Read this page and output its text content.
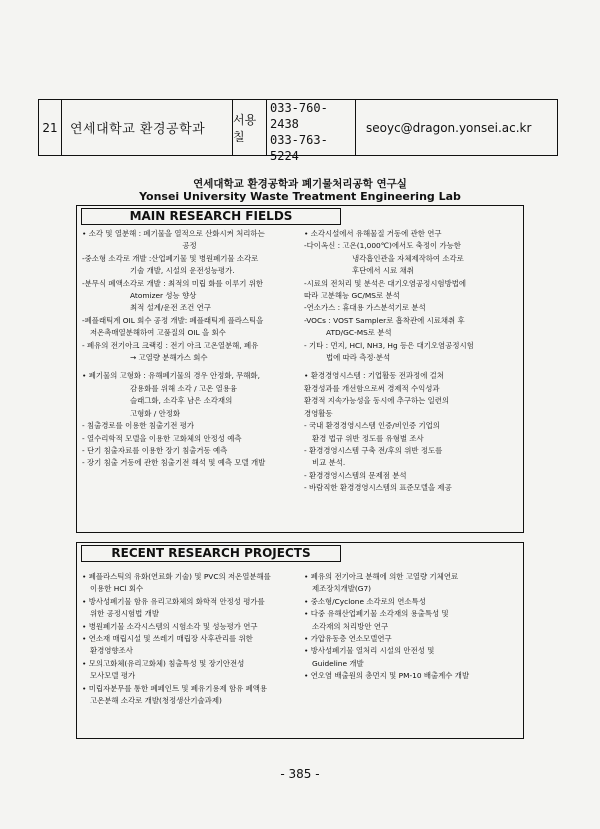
21 연세대학교 환경공학과
서용칠
033-760-2438
033-763-5224
seoyc@dragon.yonsei.ac.kr
연세대학교 환경공학과 폐기물처리공학 연구실
Yonsei University Waste Treatment Engineering Lab
MAIN RESEARCH FIELDS

• 소각 및 열분해 : 폐기물을 열적으로 산화시켜 처리하는

공정

-중소형 소각로 개발 :산업폐기물 및 병원폐기물 소각로

기술 개발, 시설의 운전성능평가.

-분무식 폐액소각로 개발 : 최적의 미립 화를 이루기 위한

Atomizer 성능 향상

최적 설계/운전 조건 연구

-폐플래틱계 OIL 회수 공정 개발: 폐플래틱계 플라스틱을

저온촉매열분해하여 고품질의 OIL 을 회수

- 폐유의 전기아크 크랙킹 : 전기 아크 고온열분해, 폐유

→ 고열량 분해가스 회수

• 폐기물의 고형화 : 유해폐기물의 경우 안정화, 무해화,

감용화를 위해 소각 / 고온 열용융

슬래그화, 소각후 남은 소각재의

고형화 / 안정화

- 침출경로를 이용한 침출기전 평가

- 열수리학적 모델을 이용한 고화체의 안정성 예측

- 단기 침출자료를 이용한 장기 침출거동 예측

- 장기 침출 거동에 관한 침출기전 해석 및 예측 모델 개발

• 소각시설에서 유해물질 거동에 관한 연구

-다이옥신 : 고온(1,000℃)에서도 축정이 가능한

냉각흡인관을 자체제작하여 소각로

후단에서 시료 채취

-시료의 전처리 및 분석은 대기오염공정시험방법에

따라 고분해능 GC/MS로 분석

-연소가스 : 휴대용 가스분석기로 분석

-VOCs : VOST Sampler로 흡착관에 시료채취 후

ATD/GC-MS로 분석

- 기타 : 먼지, HCl, NH3, Hg 등은 대기오염공정시험

법에 따라 측정·분석

• 환경경영시스템 : 기업활동 전과정에 걸쳐

환경성과를 개선함으로써 경제적 수익성과

환경적 지속가능성을 동시에 추구하는 일련의

경영활동

- 국내 환경경영시스템 인증/비인증 기업의

환경 법규 위반 정도를 유형별 조사

- 환경경영시스템 구축 전/후의 위반 정도를

비교 분석.

- 환경경영시스템의 문제점 분석

- 바람직한 환경경영시스템의 표준모델을 제공

RECENT RESEARCH PROJECTS

• 폐플라스틱의 유화(연료화 기술) 및 PVC의 저온열분해를

이용한 HCl 회수

• 방사성폐기물 함유 유리고화체의 화학적 안정성 평가를

위한 공정시험법 개발

• 병원폐기물 소각시스템의 시험소각 및 성능평가 연구

• 연소재 매립시설 및 쓰레기 매립장 사후관리를 위한

환경영향조사

• 모의고화체(유리고화체) 침출특성 및 장기안전성

모사모델 평가

• 미립자분무를 통한 폐페인트 및 폐유기용제 함유 폐액용

고온분해 소각로 개발(청정생산기술과제)

• 폐유의 전기아크 분해에 의한 고열량 기체연료

제조장치개발(G7)

• 중소형/Cyclone 소각로의 연소특성

• 다중 유해산업폐기물 소각재의 용출특성 및

소각재의 처리방안 연구

• 가압유동층 연소모델연구

• 방사성폐기물 열처리 시설의 안전성 및

Guideline 개발

• 연오염 배출원의 총먼지 및 PM-10 배출계수 개발

- 385 -
